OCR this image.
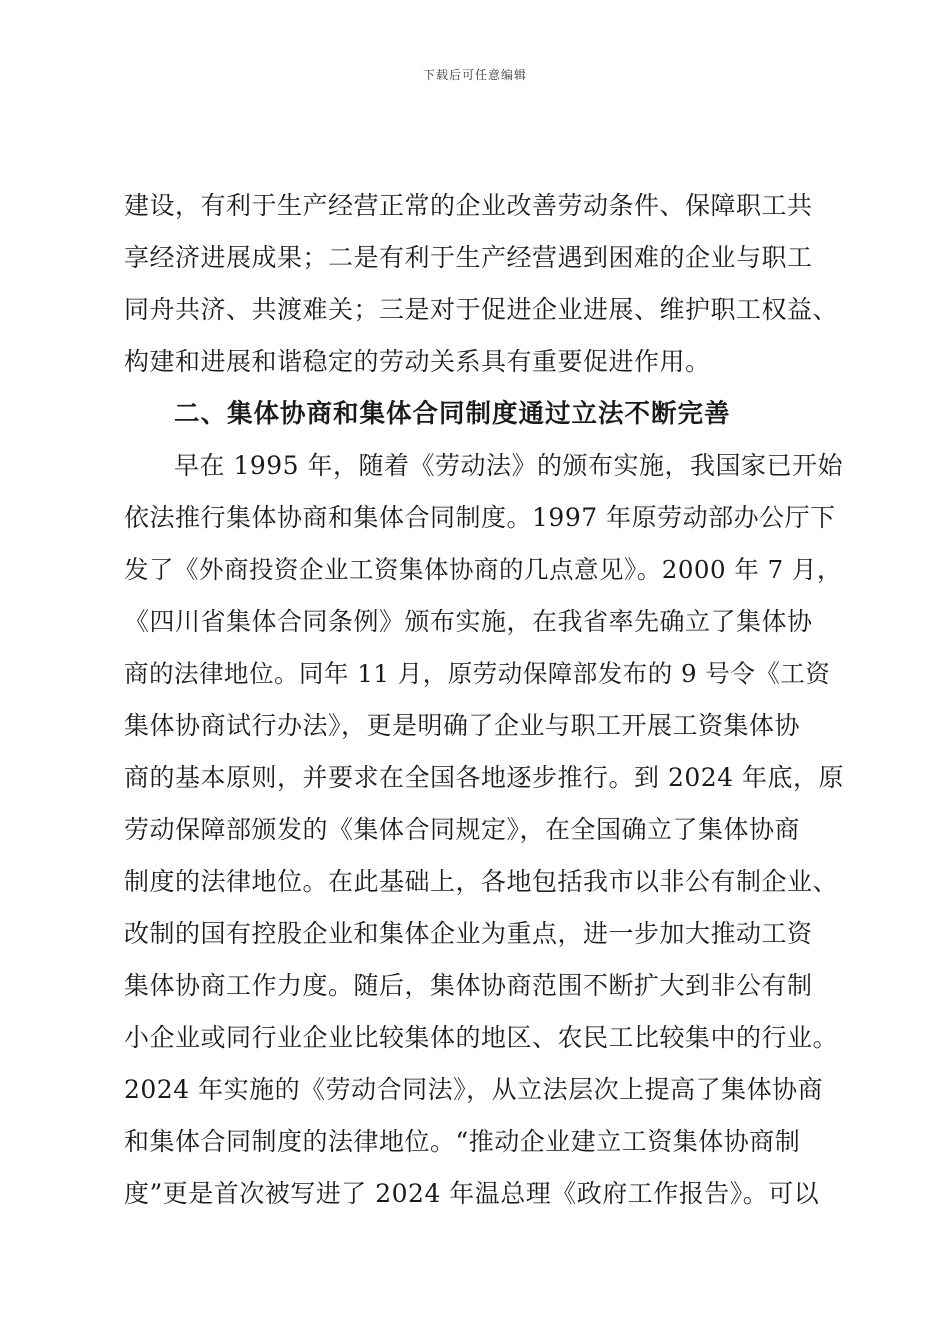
下载后可任意编辑
建设，有利于生产经营正常的企业改善劳动条件、保障职工共
享经济进展成果；二是有利于生产经营遇到困难的企业与职工
同舟共济、共渡难关；三是对于促进企业进展、维护职工权益、
构建和进展和谐稳定的劳动关系具有重要促进作用。
二、集体协商和集体合同制度通过立法不断完善
早在 1995 年，随着《劳动法》的颁布实施，我国家已开始
依法推行集体协商和集体合同制度。1997 年原劳动部办公厅下
发了《外商投资企业工资集体协商的几点意见》。2000 年 7 月，
《四川省集体合同条例》颁布实施，在我省率先确立了集体协
商的法律地位。同年 11 月，原劳动保障部发布的 9 号令《工资
集体协商试行办法》，更是明确了企业与职工开展工资集体协
商的基本原则，并要求在全国各地逐步推行。到 2024 年底，原
劳动保障部颁发的《集体合同规定》，在全国确立了集体协商
制度的法律地位。在此基础上，各地包括我市以非公有制企业、
改制的国有控股企业和集体企业为重点，进一步加大推动工资
集体协商工作力度。随后，集体协商范围不断扩大到非公有制
小企业或同行业企业比较集体的地区、农民工比较集中的行业。
2024 年实施的《劳动合同法》，从立法层次上提高了集体协商
和集体合同制度的法律地位。“推动企业建立工资集体协商制
度”更是首次被写进了 2024 年温总理《政府工作报告》。可以
